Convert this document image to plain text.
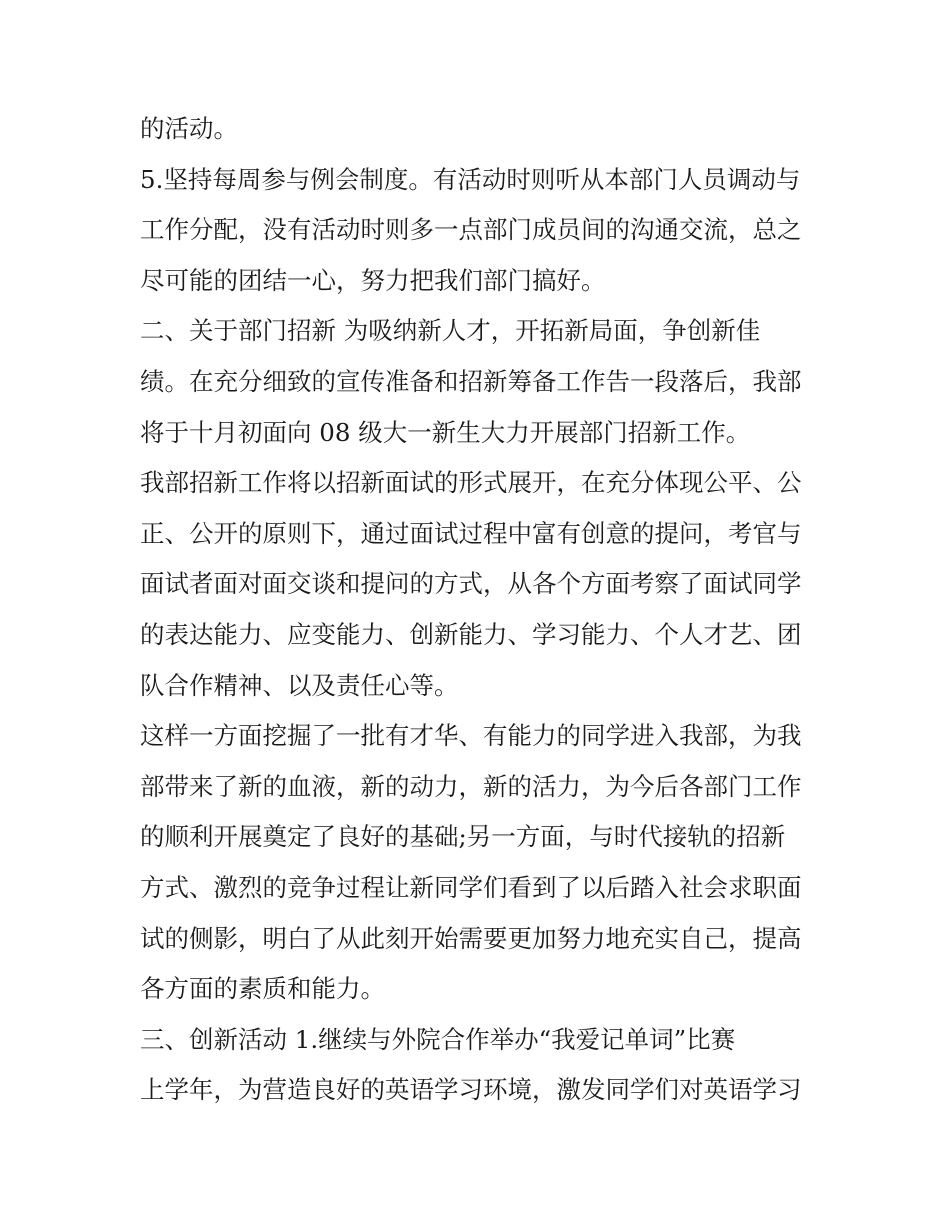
的活动。
5.坚持每周参与例会制度。有活动时则听从本部门人员调动与
工作分配，没有活动时则多一点部门成员间的沟通交流，总之
尽可能的团结一心，努力把我们部门搞好。
二、关于部门招新 为吸纳新人才，开拓新局面，争创新佳
绩。在充分细致的宣传准备和招新筹备工作告一段落后，我部
将于十月初面向 08 级大一新生大力开展部门招新工作。
我部招新工作将以招新面试的形式展开，在充分体现公平、公
正、公开的原则下，通过面试过程中富有创意的提问，考官与
面试者面对面交谈和提问的方式，从各个方面考察了面试同学
的表达能力、应变能力、创新能力、学习能力、个人才艺、团
队合作精神、以及责任心等。
这样一方面挖掘了一批有才华、有能力的同学进入我部，为我
部带来了新的血液，新的动力，新的活力，为今后各部门工作
的顺利开展奠定了良好的基础;另一方面，与时代接轨的招新
方式、激烈的竞争过程让新同学们看到了以后踏入社会求职面
试的侧影，明白了从此刻开始需要更加努力地充实自己，提高
各方面的素质和能力。
三、创新活动 1.继续与外院合作举办“我爱记单词”比赛
上学年，为营造良好的英语学习环境，激发同学们对英语学习
